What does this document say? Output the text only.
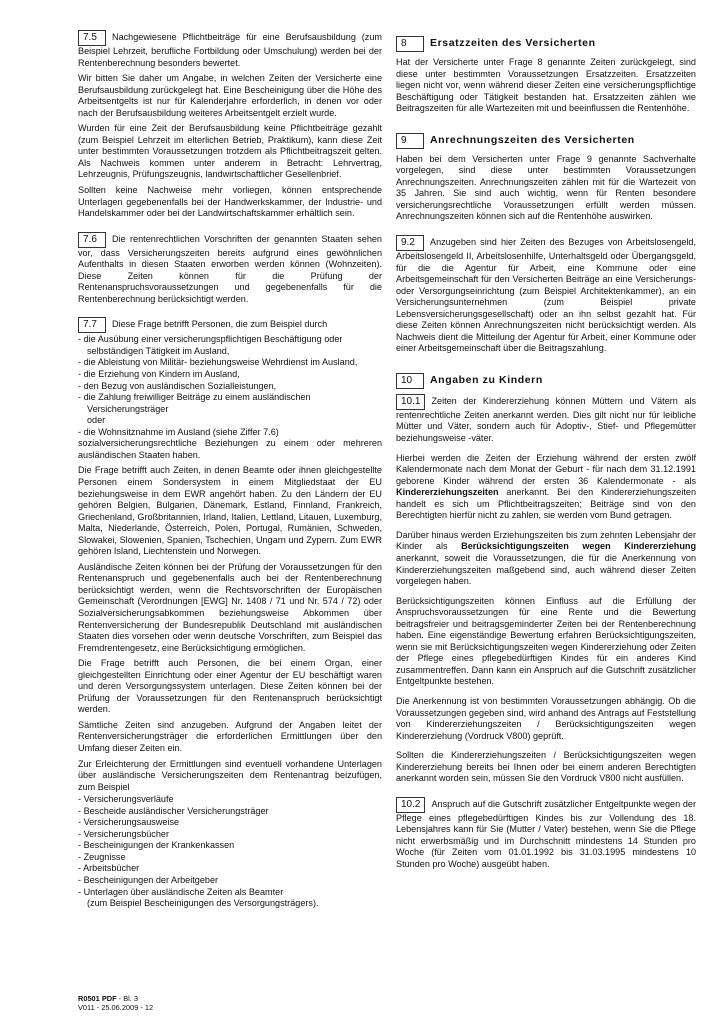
7.5 Nachgewiesene Pflichtbeiträge für eine Berufsausbildung (zum Beispiel Lehrzeit, berufliche Fortbildung oder Umschulung) werden bei der Rentenberechnung besonders bewertet.

Wir bitten Sie daher um Angabe, in welchen Zeiten der Versicherte eine Berufsausbildung zurückgelegt hat. Eine Bescheinigung über die Höhe des Arbeitsentgelts ist nur für Kalenderjahre erforderlich, in denen vor oder nach der Berufsausbildung weiteres Arbeitsentgelt erzielt wurde.

Wurden für eine Zeit der Berufsausbildung keine Pflichtbeiträge gezahlt (zum Beispiel Lehrzeit im elterlichen Betrieb, Praktikum), kann diese Zeit unter bestimmten Voraussetzungen trotzdem als Pflichtbeitragszeit gelten. Als Nachweis kommen unter anderem in Betracht: Lehrvertrag, Lehrzeugnis, Prüfungszeugnis, landwirtschaftlicher Gesellenbrief.

Sollten keine Nachweise mehr vorliegen, können entsprechende Unterlagen gegebenenfalls bei der Handwerkskammer, der Industrie- und Handelskammer oder bei der Landwirtschaftskammer erhältlich sein.

7.6 Die rentenrechtlichen Vorschriften der genannten Staaten sehen vor, dass Versicherungszeiten bereits aufgrund eines gewöhnlichen Aufenthalts in diesen Staaten erworben werden können (Wohnzeiten). Diese Zeiten können für die Prüfung der Rentenanspruchsvoraussetzungen und gegebenenfalls für die Rentenberechnung berücksichtigt werden.

7.7 Diese Frage betrifft Personen, die zum Beispiel durch

- die Ausübung einer versicherungspflichtigen Beschäftigung oder selbständigen Tätigkeit im Ausland,
- die Ableistung von Militär- beziehungsweise Wehrdienst im Ausland,
- die Erziehung von Kindern im Ausland,
- den Bezug von ausländischen Sozialleistungen,
- die Zahlung freiwilliger Beiträge zu einem ausländischen Versicherungsträger
oder
- die Wohnsitznahme im Ausland (siehe Ziffer 7.6)

sozialversicherungsrechtliche Beziehungen zu einem oder mehreren ausländischen Staaten haben.

Die Frage betrifft auch Zeiten, in denen Beamte oder ihnen gleichgestellte Personen einem Sondersystem in einem Mitgliedstaat der EU beziehungsweise in dem EWR angehört haben. Zu den Ländern der EU gehören Belgien, Bulgarien, Dänemark, Estland, Finnland, Frankreich, Griechenland, Großbritannien, Irland, Italien, Lettland, Litauen, Luxemburg, Malta, Niederlande, Österreich, Polen, Portugal, Rumänien, Schweden, Slowakei, Slowenien, Spanien, Tschechien, Ungarn und Zypern. Zum EWR gehören Island, Liechtenstein und Norwegen.

Ausländische Zeiten können bei der Prüfung der Voraussetzungen für den Rentenanspruch und gegebenenfalls auch bei der Rentenberechnung berücksichtigt werden, wenn die Rechtsvorschriften der Europäischen Gemeinschaft (Verordnungen [EWG] Nr. 1408 / 71 und Nr. 574 / 72) oder Sozialversicherungsabkommen beziehungsweise Abkommen über Rentenversicherung der Bundesrepublik Deutschland mit ausländischen Staaten dies vorsehen oder wenn deutsche Vorschriften, zum Beispiel das Fremdrentengesetz, eine Berücksichtigung ermöglichen.

Die Frage betrifft auch Personen, die bei einem Organ, einer gleichgestellten Einrichtung oder einer Agentur der EU beschäftigt waren und deren Versorgungssystem unterlagen. Diese Zeiten können bei der Prüfung der Voraussetzungen für den Rentenanspruch berücksichtigt werden.

Sämtliche Zeiten sind anzugeben. Aufgrund der Angaben leitet der Rentenversicherungsträger die erforderlichen Ermittlungen über den Umfang dieser Zeiten ein.

Zur Erleichterung der Ermittlungen sind eventuell vorhandene Unterlagen über ausländische Versicherungszeiten dem Rentenantrag beizufügen, zum Beispiel

- Versicherungsverläufe
- Bescheide ausländischer Versicherungsträger
- Versicherungsausweise
- Versicherungsbücher
- Bescheinigungen der Krankenkassen
- Zeugnisse
- Arbeitsbücher
- Bescheinigungen der Arbeitgeber
- Unterlagen über ausländische Zeiten als Beamter
(zum Beispiel Bescheinigungen des Versorgungsträgers).
8 Ersatzzeiten des Versicherten

Hat der Versicherte unter Frage 8 genannte Zeiten zurückgelegt, sind diese unter bestimmten Voraussetzungen Ersatzzeiten. Ersatzzeiten liegen nicht vor, wenn während dieser Zeiten eine versicherungspflichtige Beschäftigung oder Tätigkeit bestanden hat. Ersatzzeiten zählen wie Beitragszeiten für alle Wartezeiten mit und beeinflussen die Rentenhöhe.

9 Anrechnungszeiten des Versicherten

Haben bei dem Versicherten unter Frage 9 genannte Sachverhalte vorgelegen, sind diese unter bestimmten Voraussetzungen Anrechnungszeiten. Anrechnungszeiten zählen mit für die Wartezeit von 35 Jahren. Sie sind auch wichtig, wenn für Renten besondere versicherungsrechtliche Voraussetzungen erfüllt werden müssen. Anrechnungszeiten können sich auf die Rentenhöhe auswirken.

9.2 Anzugeben sind hier Zeiten des Bezuges von Arbeitslosengeld, Arbeitslosengeld II, Arbeitslosenhilfe, Unterhaltsgeld oder Übergangsgeld, für die die Agentur für Arbeit, eine Kommune oder eine Arbeitsgemeinschaft für den Versicherten Beiträge an eine Versicherungs- oder Versorgungseinrichtung (zum Beispiel Architektenkammer), an ein Versicherungsunternehmen (zum Beispiel private Lebensversicherungsgesellschaft) oder an ihn selbst gezahlt hat. Für diese Zeiten können Anrechnungszeiten nicht berücksichtigt werden. Als Nachweis dient die Mitteilung der Agentur für Arbeit, einer Kommune oder einer Arbeitsgemeinschaft über die Beitragszahlung.

10 Angaben zu Kindern

10.1 Zeiten der Kindererziehung können Müttern und Vätern als rentenrechtliche Zeiten anerkannt werden. Dies gilt nicht nur für leibliche Mütter und Väter, sondern auch für Adoptiv-, Stief- und Pflegemütter beziehungsweise -väter.

Hierbei werden die Zeiten der Erziehung während der ersten zwölf Kalendermonate nach dem Monat der Geburt - für nach dem 31.12.1991 geborene Kinder während der ersten 36 Kalendermonate - als Kindererziehungszeiten anerkannt. Bei den Kindererziehungszeiten handelt es sich um Pflichtbeitragszeiten; Beiträge sind von den Berechtigten hierfür nicht zu zahlen, sie werden vom Bund getragen.

Darüber hinaus werden Erziehungszeiten bis zum zehnten Lebensjahr der Kinder als Berücksichtigungszeiten wegen Kindererziehung anerkannt, soweit die Voraussetzungen, die für die Anerkennung von Kindererziehungszeiten maßgebend sind, auch während dieser Zeiten vorgelegen haben.

Berücksichtigungszeiten können Einfluss auf die Erfüllung der Anspruchsvoraussetzungen für eine Rente und die Bewertung beitragsfreier und beitragsgeminderter Zeiten bei der Rentenberechnung haben. Eine eigenständige Bewertung erfahren Berücksichtigungszeiten, wenn sie mit Berücksichtigungszeiten wegen Kindererziehung oder Zeiten der Pflege eines pflegebedürftigen Kindes für ein anderes Kind zusammentreffen. Dann kann ein Anspruch auf die Gutschrift zusätzlicher Entgeltpunkte bestehen.

Die Anerkennung ist von bestimmten Voraussetzungen abhängig. Ob die Voraussetzungen gegeben sind, wird anhand des Antrags auf Feststellung von Kindererziehungszeiten / Berücksichtigungszeiten wegen Kindererziehung (Vordruck V800) geprüft.

Sollten die Kindererziehungszeiten / Berücksichtigungszeiten wegen Kindererziehung bereits bei Ihnen oder bei einem anderen Berechtigten anerkannt worden sein, müssen Sie den Vordruck V800 nicht ausfüllen.

10.2 Anspruch auf die Gutschrift zusätzlicher Entgeltpunkte wegen der Pflege eines pflegebedürftigen Kindes bis zur Vollendung des 18. Lebensjahres kann für Sie (Mutter / Vater) bestehen, wenn Sie die Pflege nicht erwerbsmäßig und im Durchschnitt mindestens 14 Stunden pro Woche (für Zeiten vom 01.01.1992 bis 31.03.1995 mindestens 10 Stunden pro Woche) ausgeübt haben.

R0501 PDF - Bl. 3
V011 - 25.06.2009 - 12
